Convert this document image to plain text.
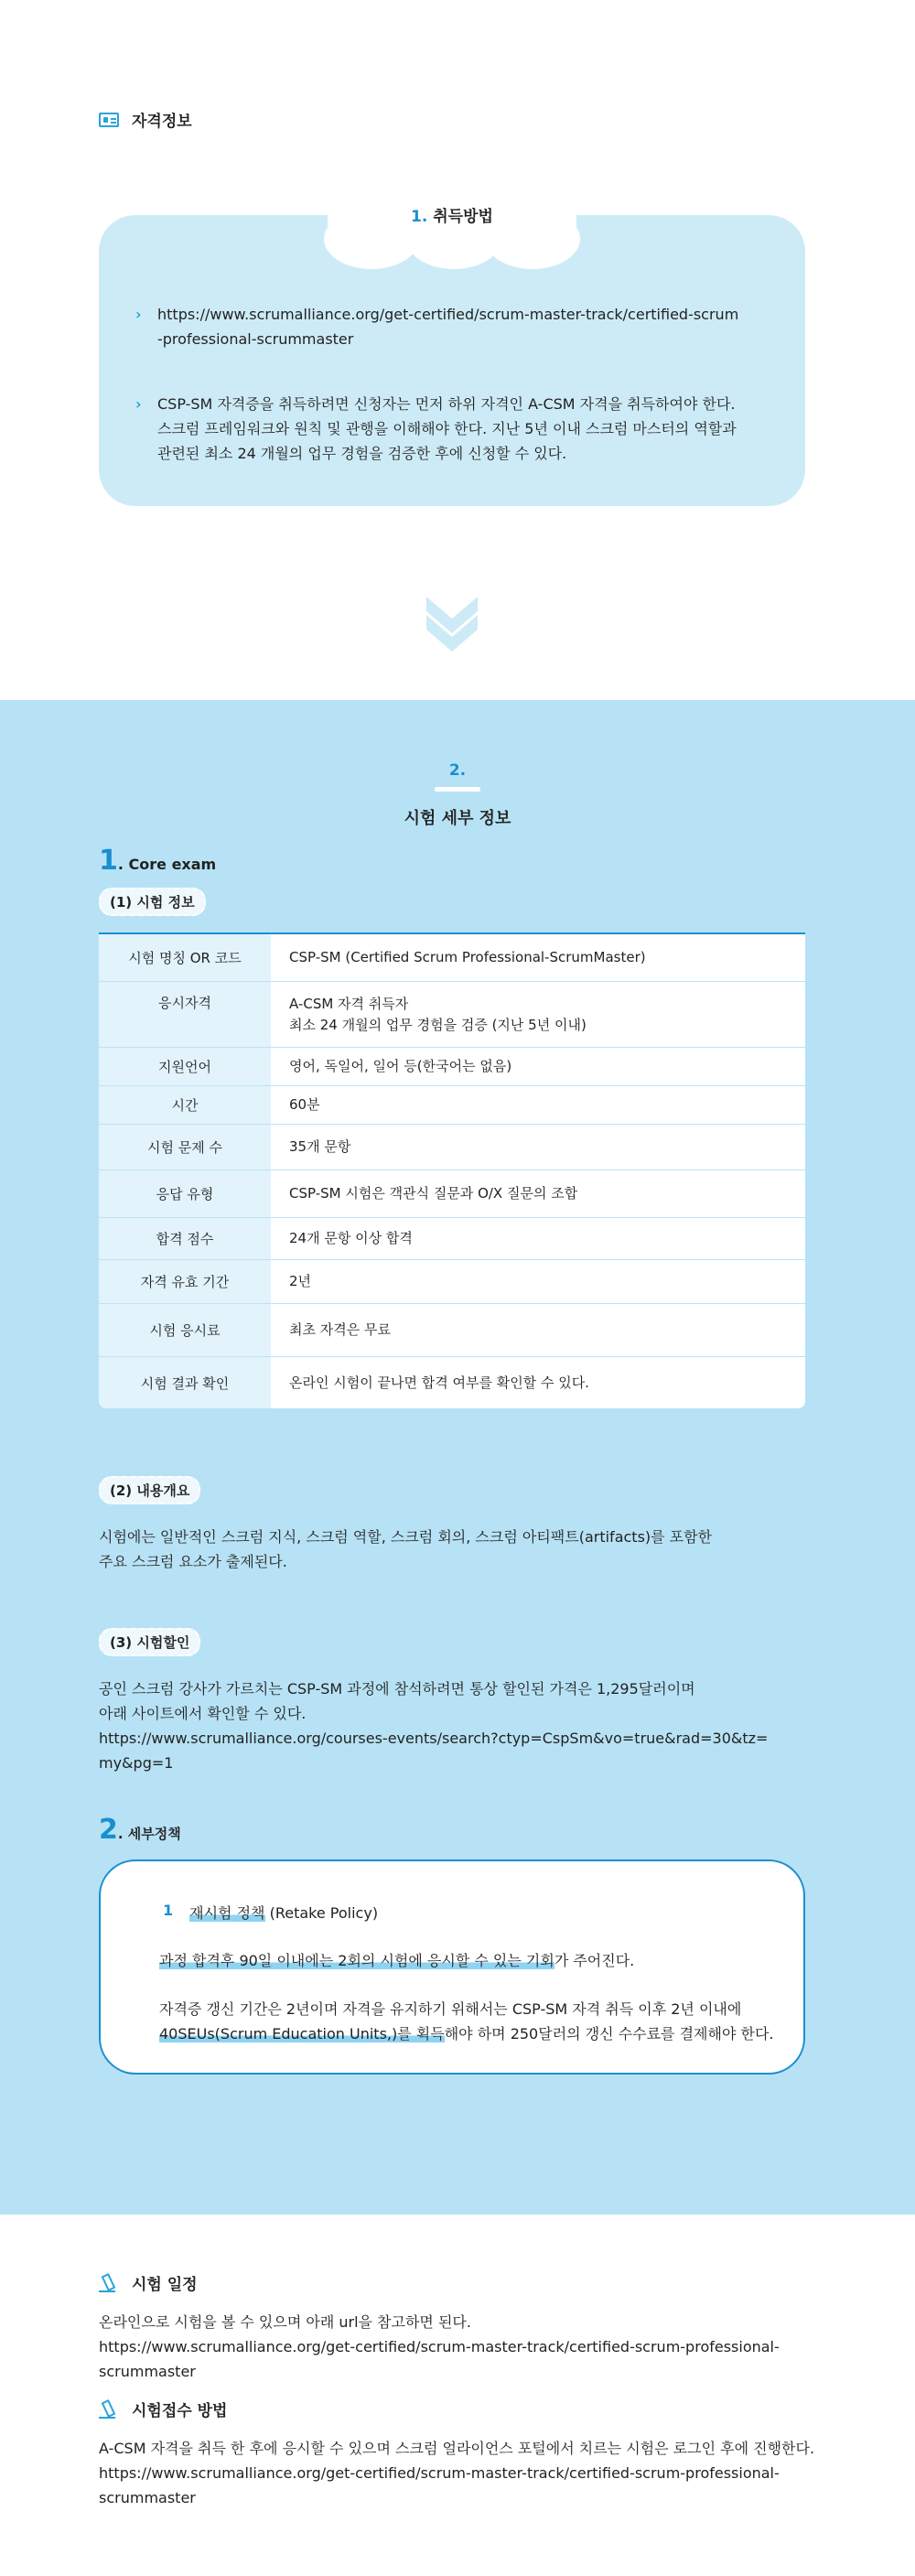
자격정보
1. 취득방법
› https://www.scrumalliance.org/get-certified/scrum-master-track/certified-scrum
-professional-scrummaster
› CSP-SM 자격증을 취득하려면 신청자는 먼저 하위 자격인 A-CSM 자격을 취득하여야 한다.
스크럼 프레임워크와 원칙 및 관행을 이해해야 한다. 지난 5년 이내 스크럼 마스터의 역할과
관련된 최소 24 개월의 업무 경험을 검증한 후에 신청할 수 있다.
2.
시험 세부 정보
1 . Core exam
(1) 시험 정보
시험 명칭 OR 코드	CSP-SM (Certified Scrum Professional-ScrumMaster)
응시자격	A-CSM 자격 취득자
최소 24 개월의 업무 경험을 검증 (지난 5년 이내)
지원언어	영어, 독일어, 일어 등(한국어는 없음)
시간	60분
시험 문제 수	35개 문항
응답 유형	CSP-SM 시험은 객관식 질문과 O/X 질문의 조합
합격 점수	24개 문항 이상 합격
자격 유효 기간	2년
시험 응시료	최초 자격은 무료
시험 결과 확인	온라인 시험이 끝나면 합격 여부를 확인할 수 있다.
(2) 내용개요
시험에는 일반적인 스크럼 지식, 스크럼 역할, 스크럼 회의, 스크럼 아티팩트(artifacts)를 포함한
주요 스크럼 요소가 출제된다.
(3) 시험할인
공인 스크럼 강사가 가르치는 CSP-SM 과정에 참석하려면 통상 할인된 가격은 1,295달러이며
아래 사이트에서 확인할 수 있다.
https://www.scrumalliance.org/courses-events/search?ctyp=CspSm&vo=true&rad=30&tz=
my&pg=1
2 . 세부정책
1 재시험 정책 (Retake Policy)
과정 합격후 90일 이내에는 2회의 시험에 응시할 수 있는 기회가 주어진다.
자격증 갱신 기간은 2년이며 자격을 유지하기 위해서는 CSP-SM 자격 취득 이후 2년 이내에
40SEUs(Scrum Education Units,)를 획득해야 하며 250달러의 갱신 수수료를 결제해야 한다.
시험 일정
온라인으로 시험을 볼 수 있으며 아래 url을 참고하면 된다.
https://www.scrumalliance.org/get-certified/scrum-master-track/certified-scrum-professional-
scrummaster
시험접수 방법
A-CSM 자격을 취득 한 후에 응시할 수 있으며 스크럼 얼라이언스 포털에서 치르는 시험은 로그인 후에 진행한다.
https://www.scrumalliance.org/get-certified/scrum-master-track/certified-scrum-professional-
scrummaster
